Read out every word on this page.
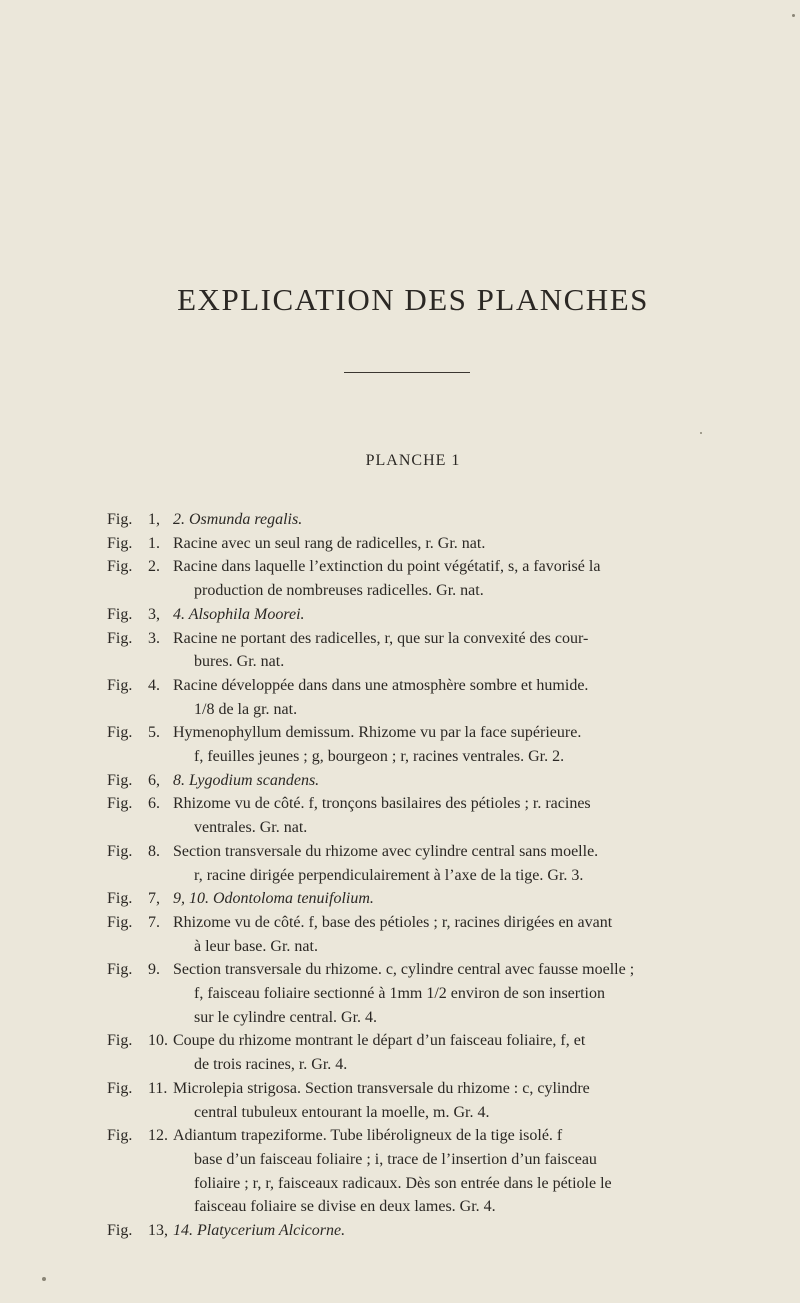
EXPLICATION DES PLANCHES
PLANCHE 1
Fig. 1, 2. Osmunda regalis.
Fig. 1. Racine avec un seul rang de radicelles, r. Gr. nat.
Fig. 2. Racine dans laquelle l’extinction du point végétatif, s, a favorisé la
production de nombreuses radicelles. Gr. nat.
Fig. 3, 4. Alsophila Moorei.
Fig. 3. Racine ne portant des radicelles, r, que sur la convexité des cour-
bures. Gr. nat.
Fig. 4. Racine développée dans dans une atmosphère sombre et humide.
1/8 de la gr. nat.
Fig. 5. Hymenophyllum demissum. Rhizome vu par la face supérieure.
f, feuilles jeunes ; g, bourgeon ; r, racines ventrales. Gr. 2.
Fig. 6, 8. Lygodium scandens.
Fig. 6. Rhizome vu de côté. f, tronçons basilaires des pétioles ; r. racines
ventrales. Gr. nat.
Fig. 8. Section transversale du rhizome avec cylindre central sans moelle.
r, racine dirigée perpendiculairement à l’axe de la tige. Gr. 3.
Fig. 7, 9, 10. Odontoloma tenuifolium.
Fig. 7. Rhizome vu de côté. f, base des pétioles ; r, racines dirigées en avant
à leur base. Gr. nat.
Fig. 9. Section transversale du rhizome. c, cylindre central avec fausse moelle ;
f, faisceau foliaire sectionné à 1mm 1/2 environ de son insertion
sur le cylindre central. Gr. 4.
Fig. 10. Coupe du rhizome montrant le départ d’un faisceau foliaire, f, et
de trois racines, r. Gr. 4.
Fig. 11. Microlepia strigosa. Section transversale du rhizome : c, cylindre
central tubuleux entourant la moelle, m. Gr. 4.
Fig. 12. Adiantum trapeziforme. Tube libéroligneux de la tige isolé. f
base d’un faisceau foliaire ; i, trace de l’insertion d’un faisceau
foliaire ; r, r, faisceaux radicaux. Dès son entrée dans le pétiole le
faisceau foliaire se divise en deux lames. Gr. 4.
Fig. 13, 14. Platycerium Alcicorne.
